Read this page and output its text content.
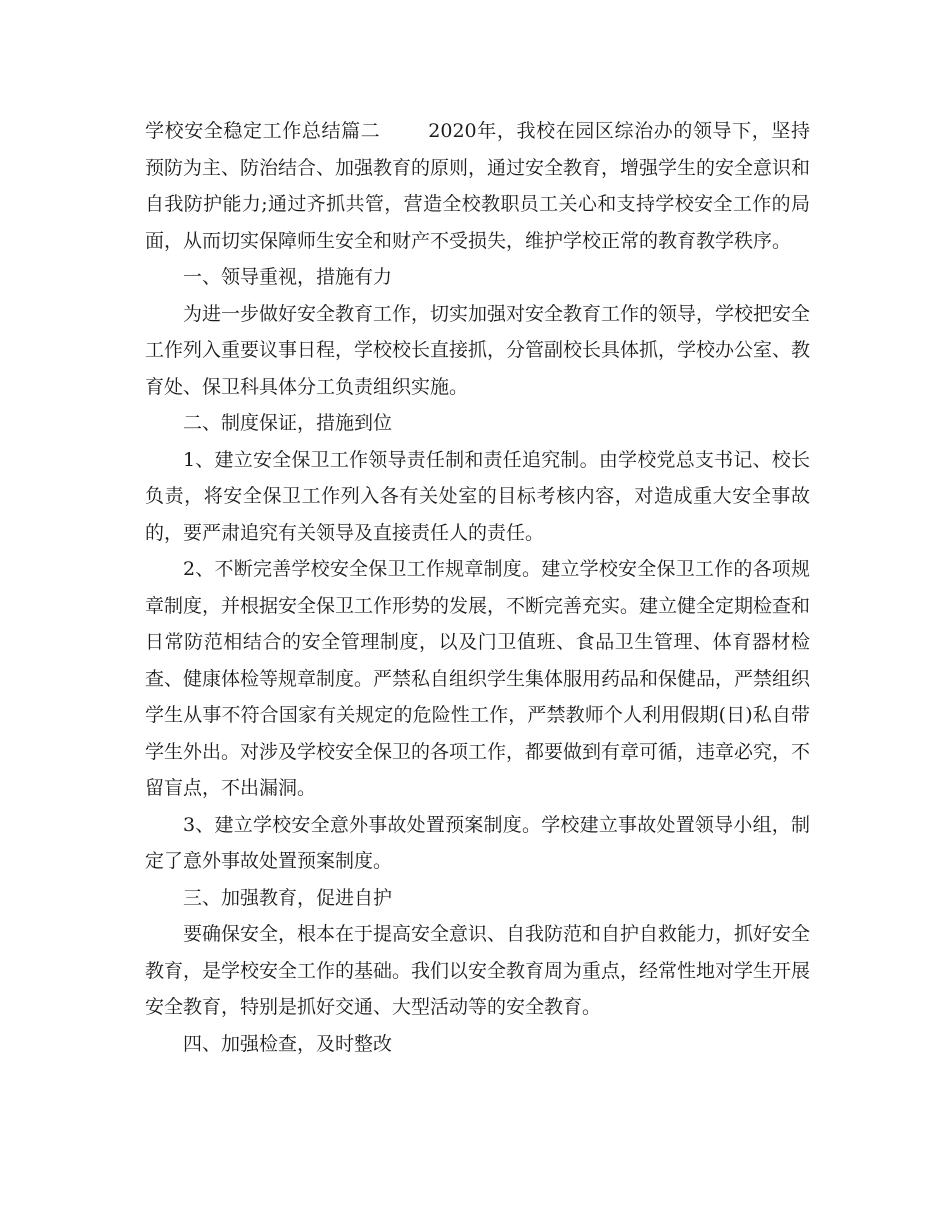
学校安全稳定工作总结篇二	2020年，我校在园区综治办的领导下，坚持预防为主、防治结合、加强教育的原则，通过安全教育，增强学生的安全意识和自我防护能力;通过齐抓共管，营造全校教职员工关心和支持学校安全工作的局面，从而切实保障师生安全和财产不受损失，维护学校正常的教育教学秩序。

一、领导重视，措施有力

为进一步做好安全教育工作，切实加强对安全教育工作的领导，学校把安全工作列入重要议事日程，学校校长直接抓，分管副校长具体抓，学校办公室、教育处、保卫科具体分工负责组织实施。

二、制度保证，措施到位

1、建立安全保卫工作领导责任制和责任追究制。由学校党总支书记、校长负责，将安全保卫工作列入各有关处室的目标考核内容，对造成重大安全事故的，要严肃追究有关领导及直接责任人的责任。

2、不断完善学校安全保卫工作规章制度。建立学校安全保卫工作的各项规章制度，并根据安全保卫工作形势的发展，不断完善充实。建立健全定期检查和日常防范相结合的安全管理制度，以及门卫值班、食品卫生管理、体育器材检查、健康体检等规章制度。严禁私自组织学生集体服用药品和保健品，严禁组织学生从事不符合国家有关规定的危险性工作，严禁教师个人利用假期(日)私自带学生外出。对涉及学校安全保卫的各项工作，都要做到有章可循，违章必究，不留盲点，不出漏洞。

3、建立学校安全意外事故处置预案制度。学校建立事故处置领导小组，制定了意外事故处置预案制度。

三、加强教育，促进自护

要确保安全，根本在于提高安全意识、自我防范和自护自救能力，抓好安全教育，是学校安全工作的基础。我们以安全教育周为重点，经常性地对学生开展安全教育，特别是抓好交通、大型活动等的安全教育。

四、加强检查，及时整改
